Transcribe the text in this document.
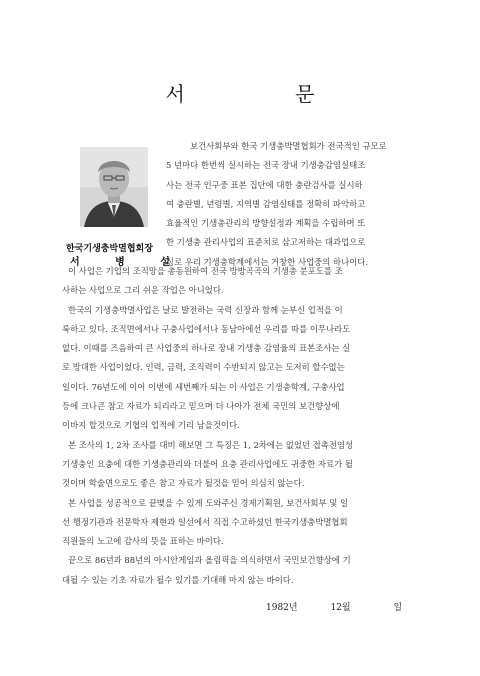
서 문
한국기생충박멸협회장
서 병 설
보건사회부와 한국 기생충박멸협회가 전국적인 규모로
5 년마다 한번씩 실시하는 전국 장내 기생충감염실태조
사는 전국 인구중 표본 집단에 대한 충란검사를 실시하
여 충란별, 년령별, 지역별 감염실태를 정확히 파악하고
효율적인 기생충관리의 방향설정과 계획을 수립하며 또
한 기생충 관리사업의 표준치로 삼고저하는 대과업으로
싱로 우리 기생충학계에서는 거창한 사업중의 하나이다.
이 사업은 기업의 조직망을 총동원하여 전국 방방곡곡의 기생충 분포도를 조
사하는 사업으로 그리 쉬운 작업은 아니었다.
한국의 기생충박멸사업은 날로 발전하는 국력 신장과 함께 눈부신 업적을 이
룩하고 있다. 조직면에서나 구충사업에서나 동남아에선 우리를 따를 이무나라도
없다. 이때를 즈음하여 큰 사업중의 하나로 장내 기생충 감염율의 표본조사는 실
로 방대한 사업이었다. 인력, 금력, 조직력이 수반되지 않고는 도저히 할수없는
일이다. 76년도에 이어 이번에 세번째가 되는 이 사업은 기생충학계, 구충사업
등에 크나큰 참고 자료가 되리라고 믿으며 더 나아가 전체 국민의 보건향상에
이바지 할것으로 기협의 업적에 기리 남을것이다.
본 조사의 1, 2차 조사를 대비 해보면 그 특징은 1, 2차에는 없었던 접촉전염성
기생충인 요충에 대한 기생충관리와 더불어 요충 관리사업에도 귀중한 자료가 될
것이며 학술면으로도 좋은 참고 자료가 될것을 믿어 의심치 않는다.
본 사업을 성공적으로 끝맺을 수 있게 도와주신 경제기획원, 보건사회부 및 일
선 행정기관과 전문학자 제현과 일선에서 직접 수고하셨던 한국기생충박멸협회
직원들의 노고에 감사의 뜻을 표하는 바이다.
끝으로 86년과 88년의 아시안게임과 올림픽을 의식하면서 국민보건향상에 기
대될 수 있는 기초 자료가 될수 있기를 기대해 마지 않는 바이다.
1982년	12월	일
